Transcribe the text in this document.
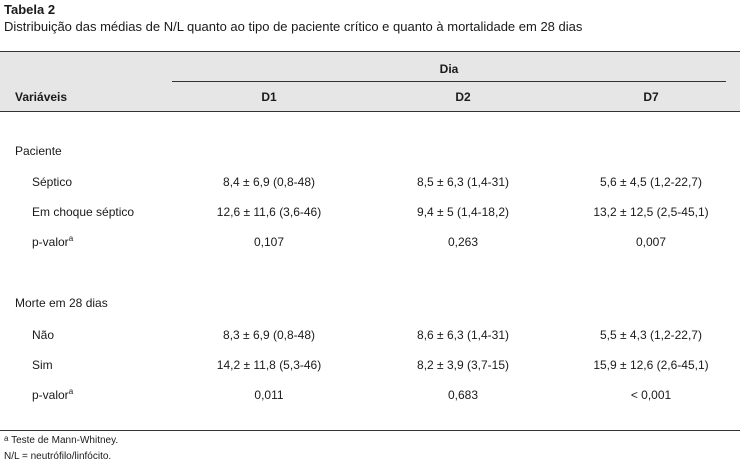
Tabela 2
Distribuição das médias de N/L quanto ao tipo de paciente crítico e quanto à mortalidade em 28 dias
Dia
Variáveis	D1	D2	D7
Paciente
Séptico	8,4 ± 6,9 (0,8-48)	8,5 ± 6,3 (1,4-31)	5,6 ± 4,5 (1,2-22,7)
Em choque séptico	12,6 ± 11,6 (3,6-46)	9,4 ± 5 (1,4-18,2)	13,2 ± 12,5 (2,5-45,1)
p-valor$^a$	0,107	0,263	0,007
Morte em 28 dias
Não	8,3 ± 6,9 (0,8-48)	8,6 ± 6,3 (1,4-31)	5,5 ± 4,3 (1,2-22,7)
Sim	14,2 ± 11,8 (5,3-46)	8,2 ± 3,9 (3,7-15)	15,9 ± 12,6 (2,6-45,1)
p-valor$^a$	0,011	0,683	< 0,001
$^a$ Teste de Mann-Whitney.
N/L = neutrófilo/linfócito.
